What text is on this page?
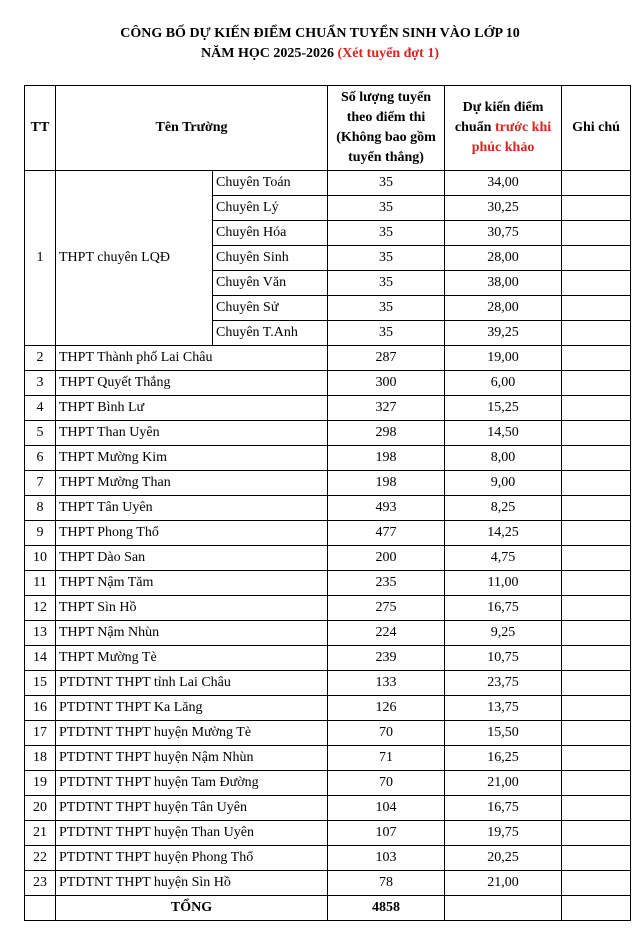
CÔNG BỐ DỰ KIẾN ĐIỂM CHUẨN TUYỂN SINH VÀO LỚP 10
NĂM HỌC 2025-2026 (Xét tuyển đợt 1)
TT	Tên Trường		Số lượng tuyển theo điểm thi (Không bao gồm tuyển thẳng)	Dự kiến điểm chuẩn trước khi phúc khảo	Ghi chú
1	THPT chuyên LQĐ	Chuyên Toán	35	34,00	
		Chuyên Lý	35	30,25	
		Chuyên Hóa	35	30,75	
		Chuyên Sinh	35	28,00	
		Chuyên Văn	35	38,00	
		Chuyên Sử	35	28,00	
		Chuyên T.Anh	35	39,25	
2	THPT Thành phố Lai Châu		287	19,00	
3	THPT Quyết Thắng		300	6,00	
4	THPT Bình Lư		327	15,25	
5	THPT Than Uyên		298	14,50	
6	THPT Mường Kim		198	8,00	
7	THPT Mường Than		198	9,00	
8	THPT Tân Uyên		493	8,25	
9	THPT Phong Thổ		477	14,25	
10	THPT Dào San		200	4,75	
11	THPT Nậm Tăm		235	11,00	
12	THPT Sìn Hồ		275	16,75	
13	THPT Nậm Nhùn		224	9,25	
14	THPT Mường Tè		239	10,75	
15	PTDTNT THPT tỉnh Lai Châu		133	23,75	
16	PTDTNT THPT Ka Lăng		126	13,75	
17	PTDTNT THPT huyện Mường Tè		70	15,50	
18	PTDTNT THPT huyện Nậm Nhùn		71	16,25	
19	PTDTNT THPT huyện Tam Đường		70	21,00	
20	PTDTNT THPT huyện Tân Uyên		104	16,75	
21	PTDTNT THPT huyện Than Uyên		107	19,75	
22	PTDTNT THPT huyện Phong Thổ		103	20,25	
23	PTDTNT THPT huyện Sìn Hồ		78	21,00	
	TỔNG		4858		
